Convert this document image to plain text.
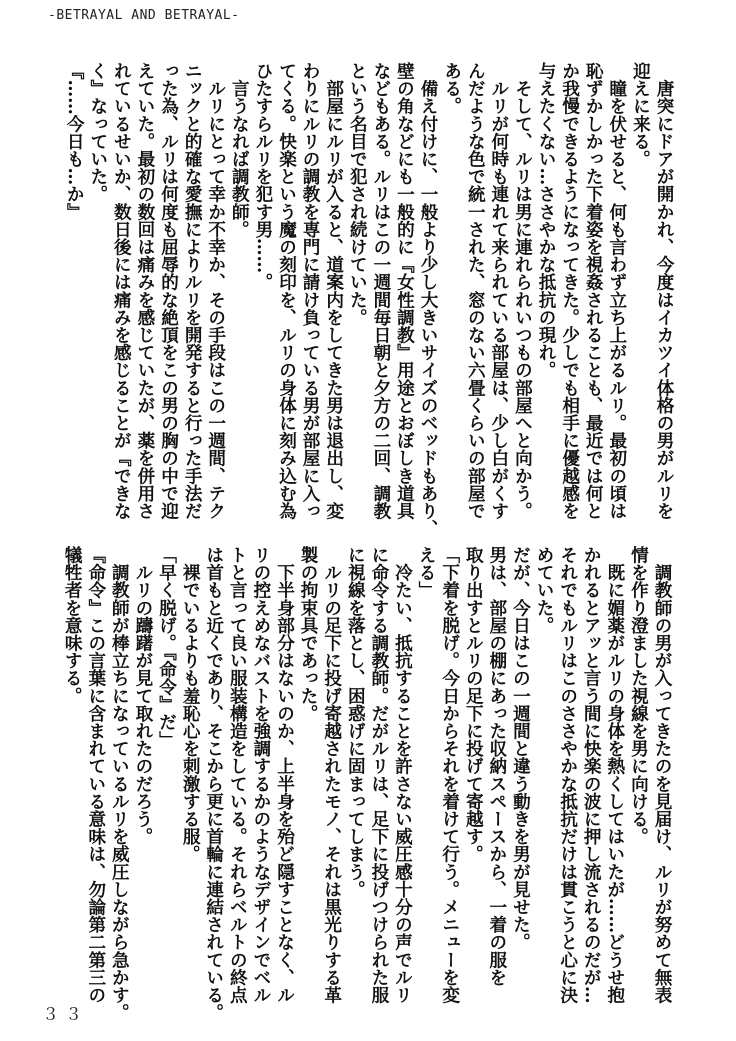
-BETRAYAL AND BETRAYAL-
　唐突にドアが開かれ、今度はイカツイ体格の男がルリを
迎えに来る。
　瞳を伏せると、何も言わず立ち上がるルリ。最初の頃は
恥ずかしかった下着姿を視姦されることも、最近では何と
か我慢できるようになってきた。少しでも相手に優越感を
与えたくない…ささやかな抵抗の現れ。
　そして、ルリは男に連れられいつもの部屋へと向かう。
　ルリが何時も連れて来られている部屋は、少し白がくす
んだような色で統一された、窓のない六畳くらいの部屋で
ある。
　備え付けに、一般より少し大きいサイズのベッドもあり、
壁の角などにも一般的に『女性調教』用途とおぼしき道具
などもある。ルリはこの一週間毎日朝と夕方の二回、調教
という名目で犯され続けていた。
　部屋にルリが入ると、道案内をしてきた男は退出し、変
わりにルリの調教を専門に請け負っている男が部屋に入っ
てくる。快楽という魔の刻印を、ルリの身体に刻み込む為
ひたすらルリを犯す男……。
　言うなれば調教師。
　ルリにとって幸か不幸か、その手段はこの一週間、テク
ニックと的確な愛撫によりルリを開発すると行った手法だ
った為、ルリは何度も屈辱的な絶頂をこの男の胸の中で迎
えていた。最初の数回は痛みを感じていたが、薬を併用さ
れているせいか、数日後には痛みを感じることが『できな
く』なっていた。
『……今日も…か』
　調教師の男が入ってきたのを見届け、ルリが努めて無表
情を作り澄ました視線を男に向ける。
　既に媚薬がルリの身体を熱くしてはいたが……どうせ抱
かれるとアッと言う間に快楽の波に押し流されるのだが…
それでもルリはこのささやかな抵抗だけは貫こうと心に決
めていた。
だが、今日はこの一週間と違う動きを男が見せた。
男は、部屋の棚にあった収納スペースから、一着の服を
取り出すとルリの足下に投げて寄越す。
「下着を脱げ。今日からそれを着けて行う。メニューを変
える」
　冷たい、抵抗することを許さない威圧感十分の声でルリ
に命令する調教師。だがルリは、足下に投げつけられた服
に視線を落とし、困惑げに固まってしまう。
　ルリの足下に投げ寄越されたモノ、それは黒光りする革
製の拘束具であった。
　下半身部分はないのか、上半身を殆ど隠すことなく、ル
リの控えめなバストを強調するかのようなデザインでベル
トと言って良い服装構造をしている。それらベルトの終点
は首もと近くであり、そこから更に首輪に連結されている。
　裸でいるよりも羞恥心を刺激する服。
「早く脱げ。『命令』だ」
　ルリの躊躇が見て取れたのだろう。
　調教師が棒立ちになっているルリを威圧しながら急かす。
『命令』この言葉に含まれている意味は、勿論第二第三の
犠牲者を意味する。
３３
